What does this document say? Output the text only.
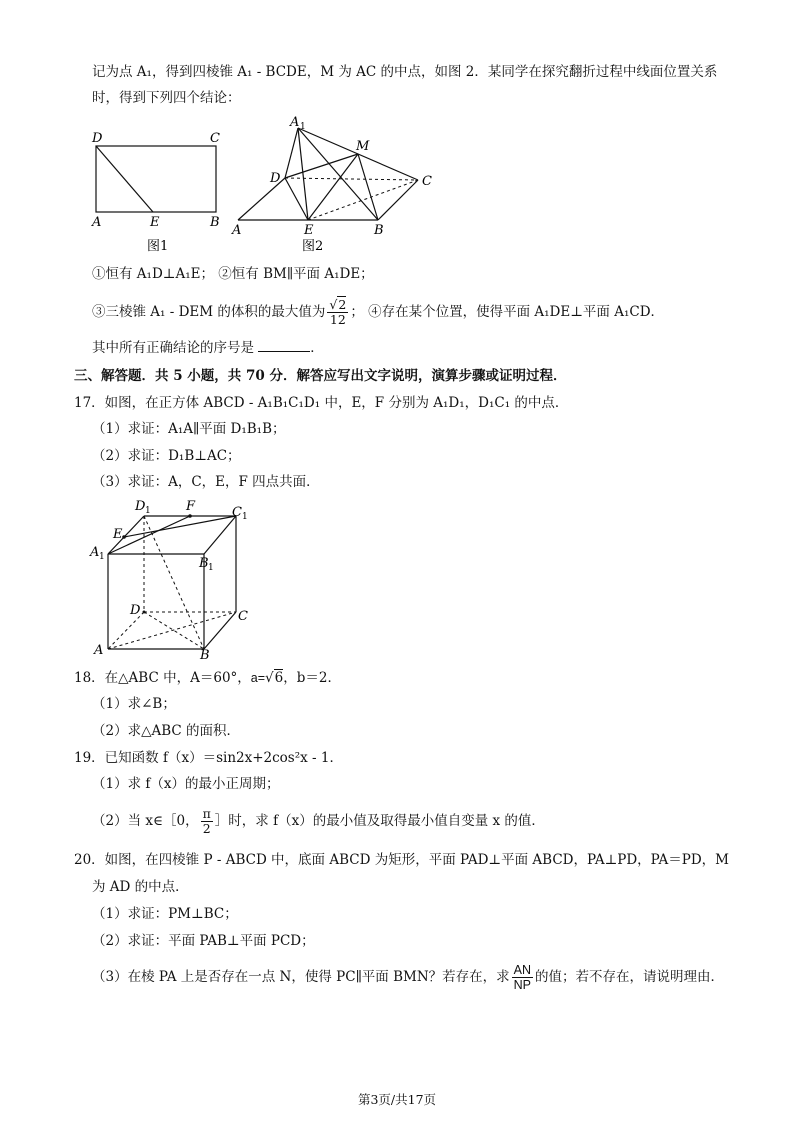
记为点 A₁，得到四棱锥 A₁ - BCDE，M 为 AC 的中点，如图 2．某同学在探究翻折过程中线面位置关系
时，得到下列四个结论：
D	C
A	E	B
图1
A 1
M
D	C
A	E	B
图2
①恒有 A₁D⊥A₁E； ②恒有 BM∥平面 A₁DE；
③三棱锥 A₁ - DEM 的体积的最大值为 $\frac{√2}{12}$ ； ④存在某个位置，使得平面 A₁DE⊥平面 A₁CD．
其中所有正确结论的序号是	．
三、解答题．共 5 小题，共 70 分．解答应写出文字说明，演算步骤或证明过程．
17．如图，在正方体 ABCD - A₁B₁C₁D₁ 中，E，F 分别为 A₁D₁，D₁C₁ 的中点．
（1）求证：A₁A∥平面 D₁B₁B；
（2）求证：D₁B⊥AC；
（3）求证：A，C，E，F 四点共面．
D 1	F	C 1
E
A 1	B 1
D	C
A	B
18．在△ABC 中，A＝60°，a=√6，b＝2．
（1）求∠B；
（2）求△ABC 的面积．
19．已知函数 f（x）＝sin2x+2cos²x - 1．
（1）求 f（x）的最小正周期；
（2）当 x∈［0， $\frac{\pi}{2}$ ］时，求 f（x）的最小值及取得最小值自变量 x 的值．
20．如图，在四棱锥 P - ABCD 中，底面 ABCD 为矩形，平面 PAD⊥平面 ABCD，PA⊥PD，PA＝PD，M
为 AD 的中点．
（1）求证：PM⊥BC；
（2）求证：平面 PAB⊥平面 PCD；
（3）在棱 PA 上是否存在一点 N，使得 PC∥平面 BMN？若存在，求 $\frac{AN}{NP}$ 的值；若不存在，请说明理由．
第3页/共17页
